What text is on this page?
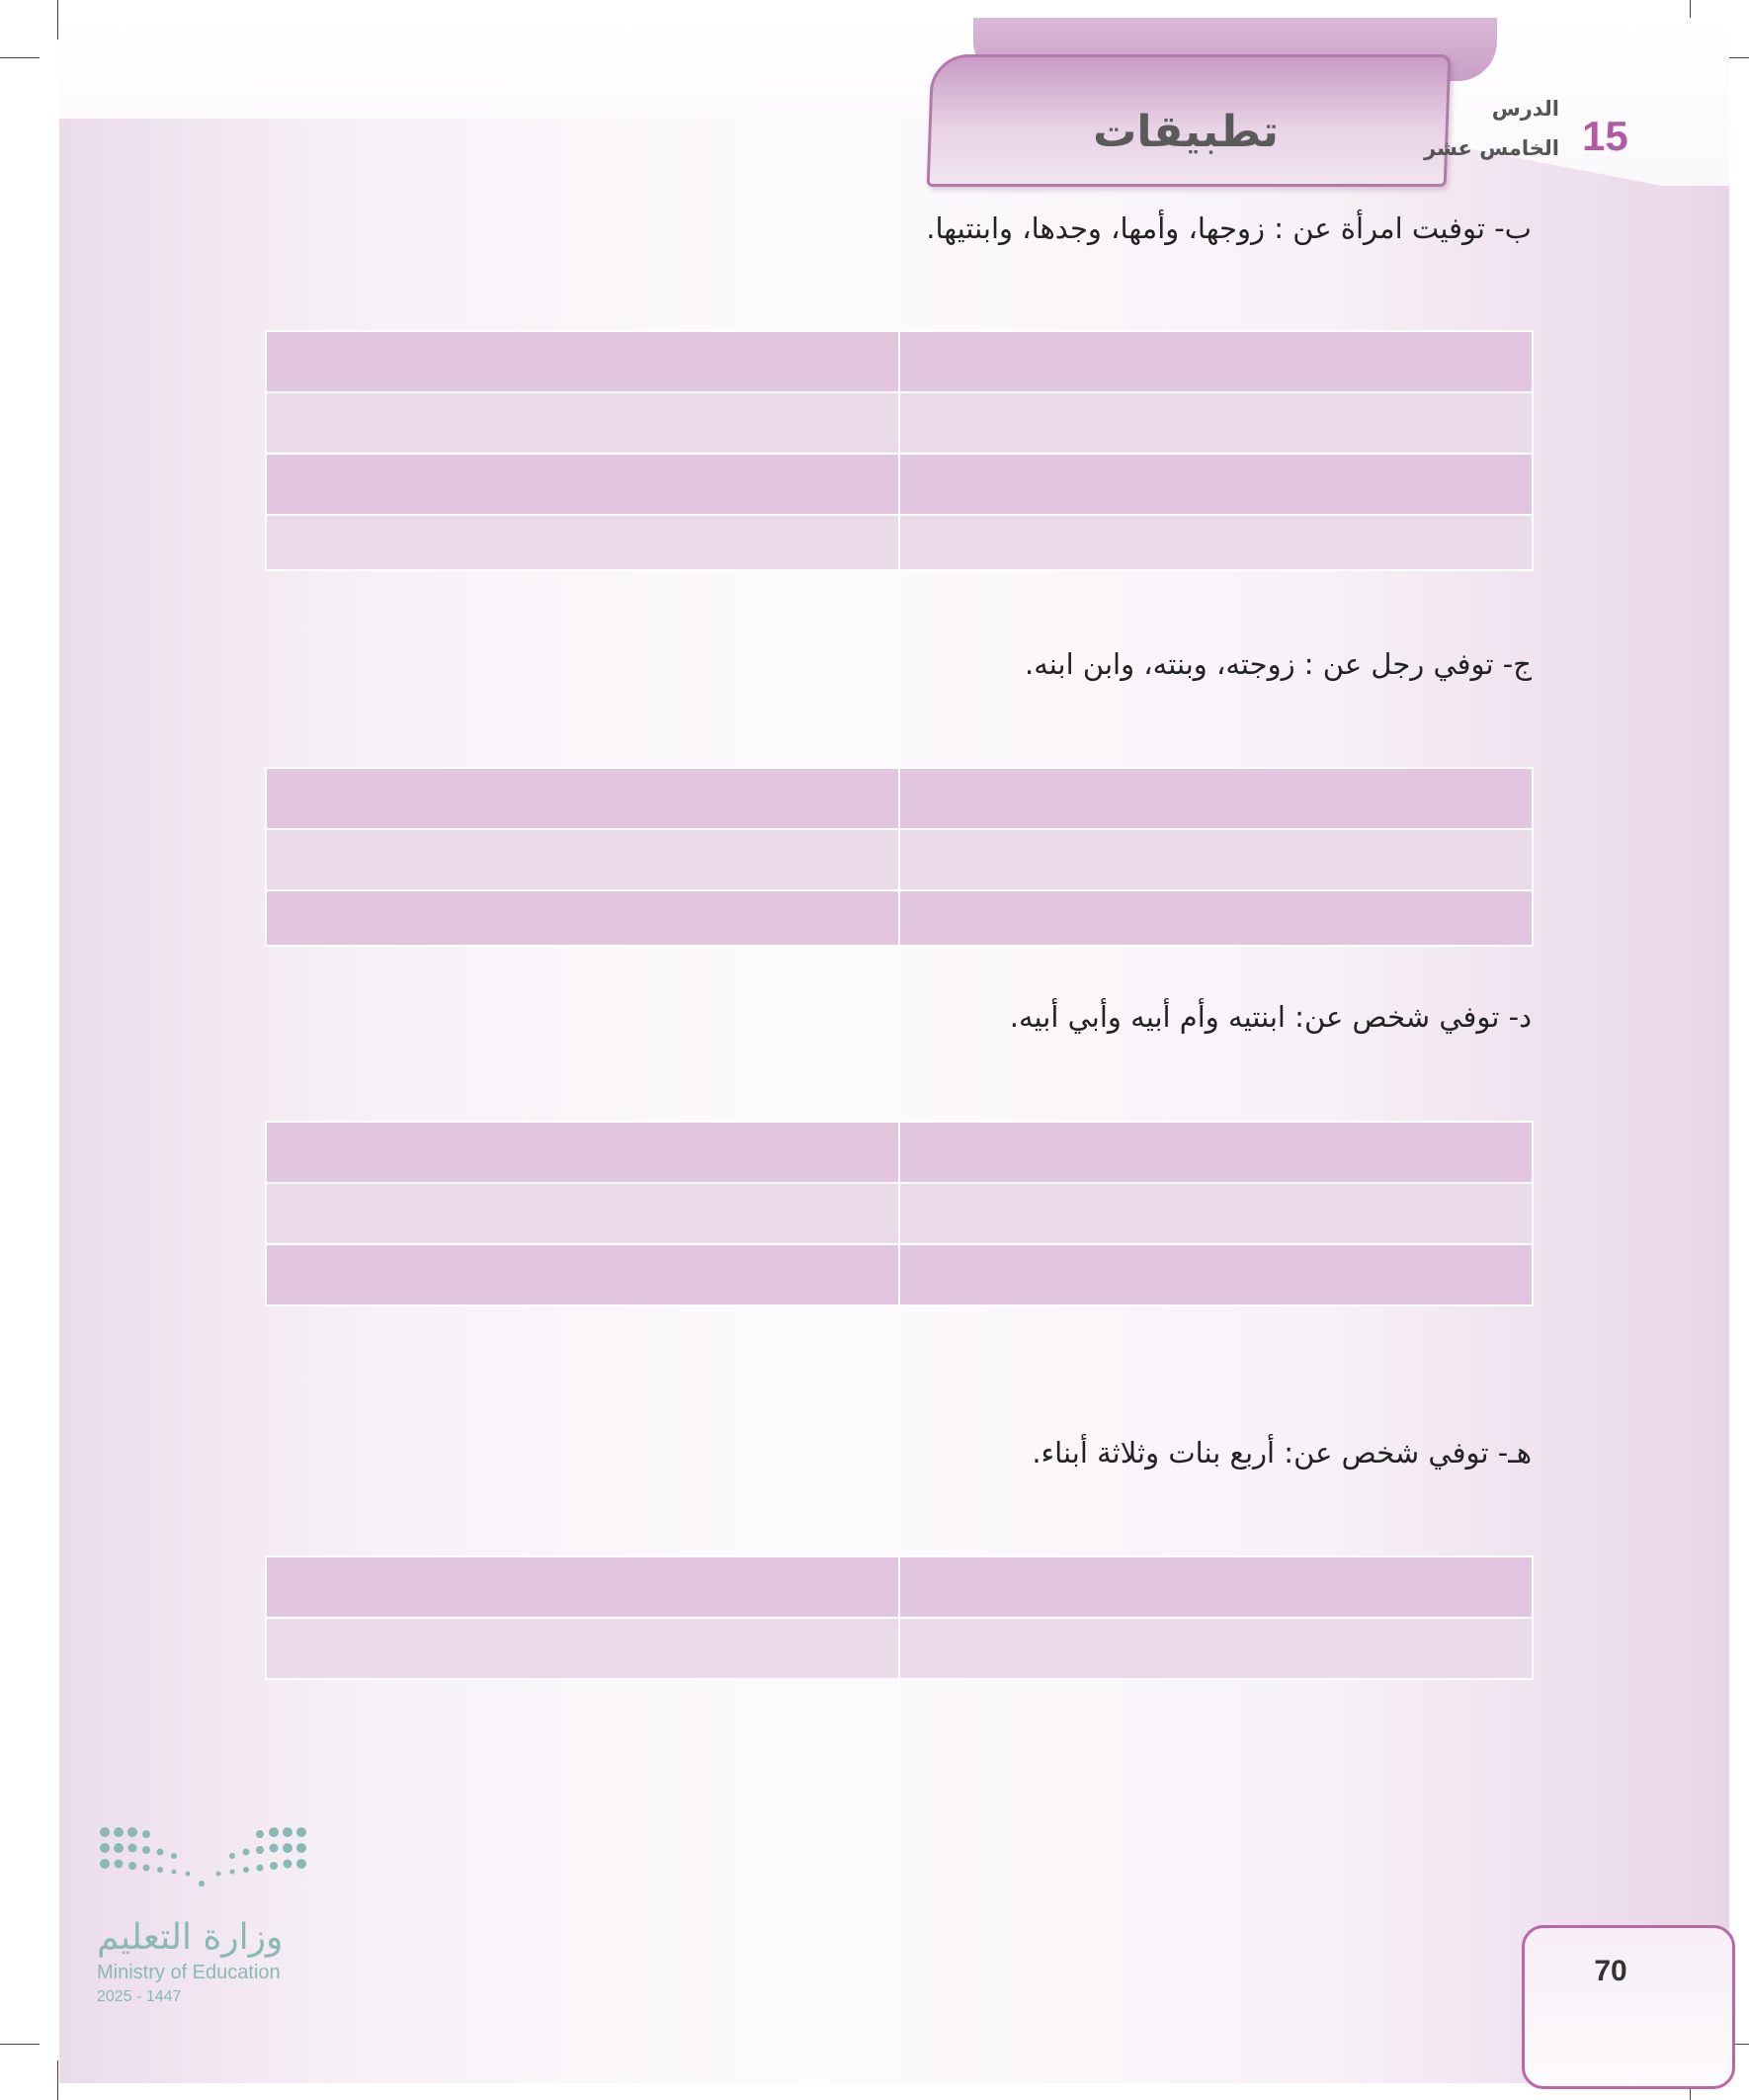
تطبيقات	الدرس
الخامس عشر 15
ب- توفيت امرأة عن : زوجها، وأمها، وجدها، وابنتيها.

ج- توفي رجل عن : زوجته، وبنته، وابن ابنه.

د- توفي شخص عن: ابنتيه وأم أبيه وأبي أبيه.

هـ- توفي شخص عن: أربع بنات وثلاثة أبناء.

وزارة التعليم
Ministry of Education
2025 - 1447
70
